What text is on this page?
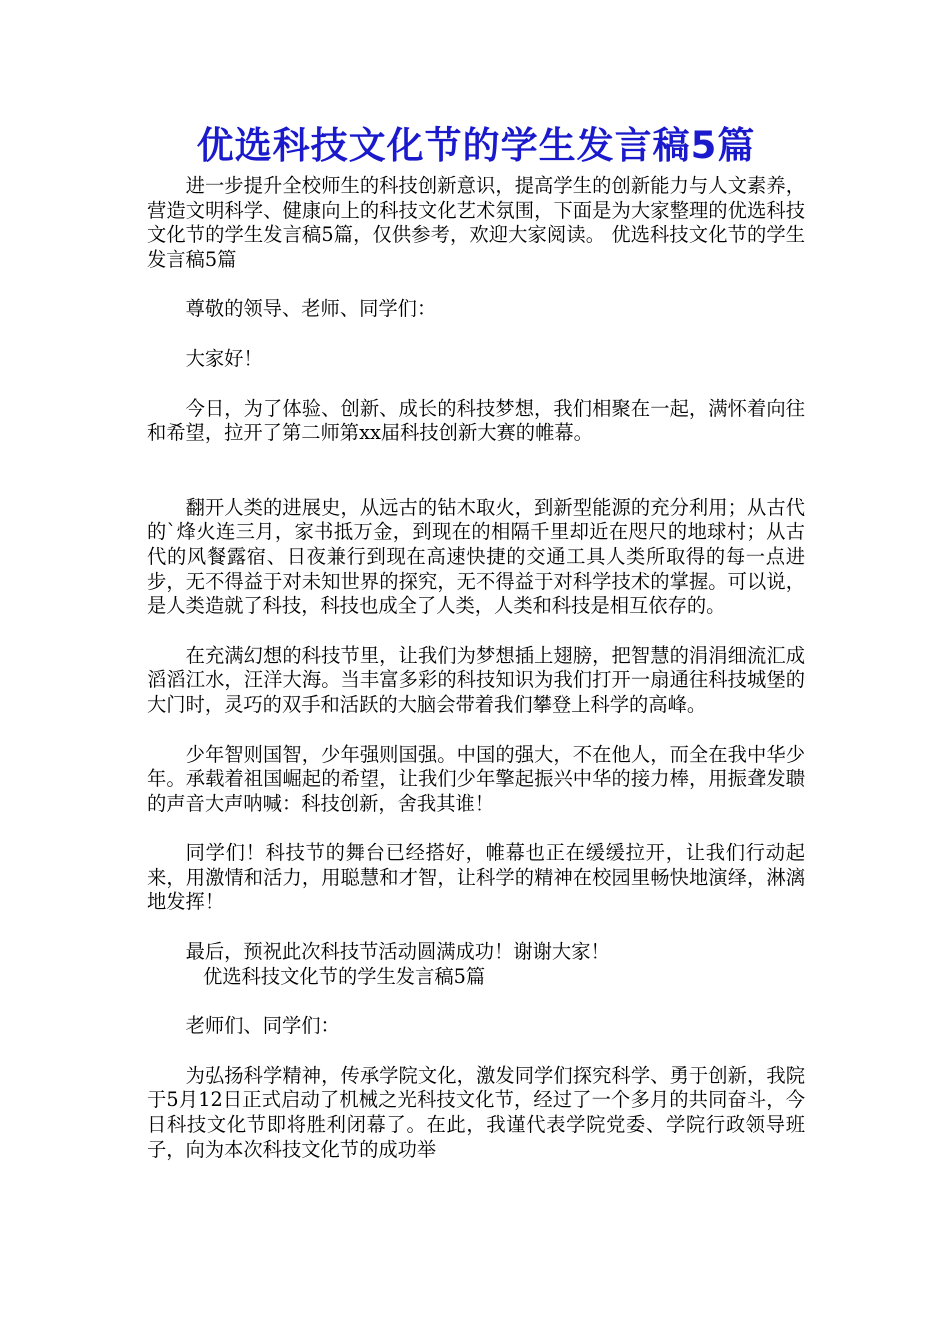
优选科技文化节的学生发言稿5篇

进一步提升全校师生的科技创新意识，提高学生的创新能力与人文素养，营造文明科学、健康向上的科技文化艺术氛围，下面是为大家整理的优选科技文化节的学生发言稿5篇，仅供参考，欢迎大家阅读。 优选科技文化节的学生发言稿5篇

尊敬的领导、老师、同学们：

大家好！

今日，为了体验、创新、成长的科技梦想，我们相聚在一起，满怀着向往和希望，拉开了第二师第xx届科技创新大赛的帷幕。

翻开人类的进展史，从远古的钻木取火，到新型能源的充分利用；从古代的`烽火连三月，家书抵万金，到现在的相隔千里却近在咫尺的地球村；从古代的风餐露宿、日夜兼行到现在高速快捷的交通工具人类所取得的每一点进步，无不得益于对未知世界的探究，无不得益于对科学技术的掌握。可以说，是人类造就了科技，科技也成全了人类，人类和科技是相互依存的。

在充满幻想的科技节里，让我们为梦想插上翅膀，把智慧的涓涓细流汇成滔滔江水，汪洋大海。当丰富多彩的科技知识为我们打开一扇通往科技城堡的大门时，灵巧的双手和活跃的大脑会带着我们攀登上科学的高峰。

少年智则国智，少年强则国强。中国的强大，不在他人，而全在我中华少年。承载着祖国崛起的希望，让我们少年擎起振兴中华的接力棒，用振聋发聩的声音大声呐喊：科技创新，舍我其谁！

同学们！科技节的舞台已经搭好，帷幕也正在缓缓拉开，让我们行动起来，用激情和活力，用聪慧和才智，让科学的精神在校园里畅快地演绎，淋漓地发挥！

最后，预祝此次科技节活动圆满成功！谢谢大家！

优选科技文化节的学生发言稿5篇

老师们、同学们：

为弘扬科学精神，传承学院文化，激发同学们探究科学、勇于创新，我院于5月12日正式启动了机械之光科技文化节，经过了一个多月的共同奋斗，今日科技文化节即将胜利闭幕了。在此，我谨代表学院党委、学院行政领导班子，向为本次科技文化节的成功举
